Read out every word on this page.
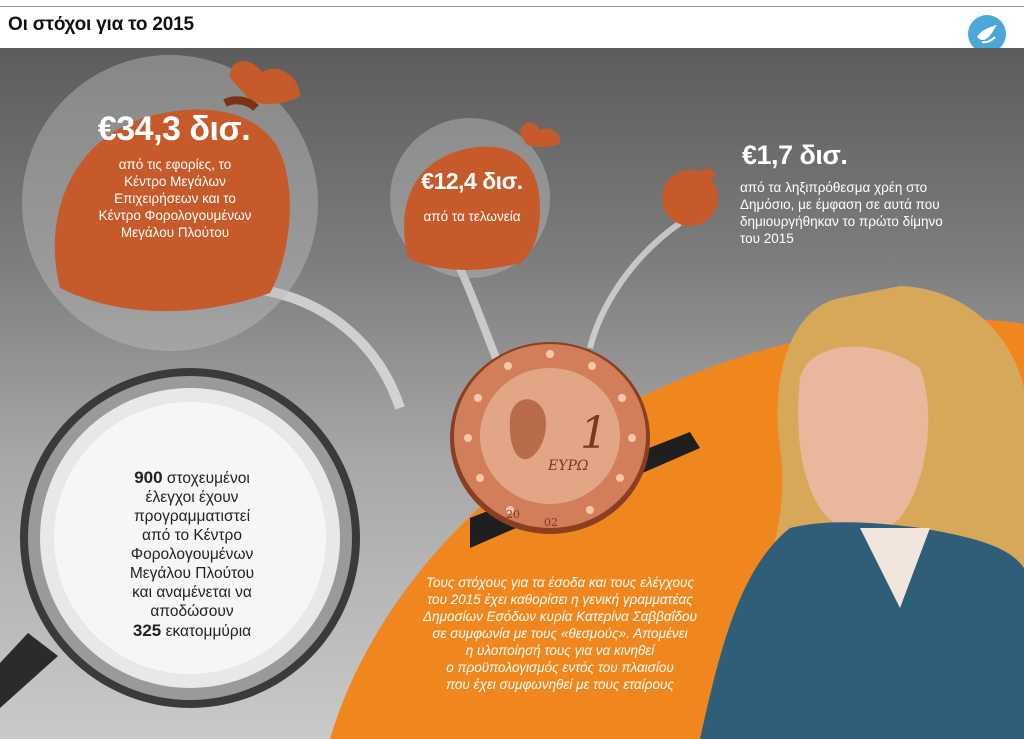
Οι στόχοι για το 2015
€34,3 δισ.
από τις εφορίες, το
Κέντρο Μεγάλων
Επιχειρήσεων και το
Κέντρο Φορολογουμένων
Μεγάλου Πλούτου
€12,4 δισ.
από τα τελωνεία
€1,7 δισ.
από τα ληξιπρόθεσμα χρέη στο
Δημόσιο, με έμφαση σε αυτά που
δημιουργήθηκαν το πρώτο δίμηνο
του 2015
1
ΕΥΡΩ
20
02
900 στοχευμένοι
έλεγχοι έχουν
προγραμματιστεί
από το Κέντρο
Φορολογουμένων
Μεγάλου Πλούτου
και αναμένεται να
αποδώσουν
325 εκατομμύρια
Τους στόχους για τα έσοδα και τους ελέγχους
του 2015 έχει καθορίσει η γενική γραμματέας
Δημοσίων Εσόδων κυρία Κατερίνα Σαββαΐδου
σε συμφωνία με τους «θεσμούς». Απομένει
η υλοποίησή τους για να κινηθεί
ο προϋπολογισμός εντός του πλαισίου
που έχει συμφωνηθεί με τους εταίρους
